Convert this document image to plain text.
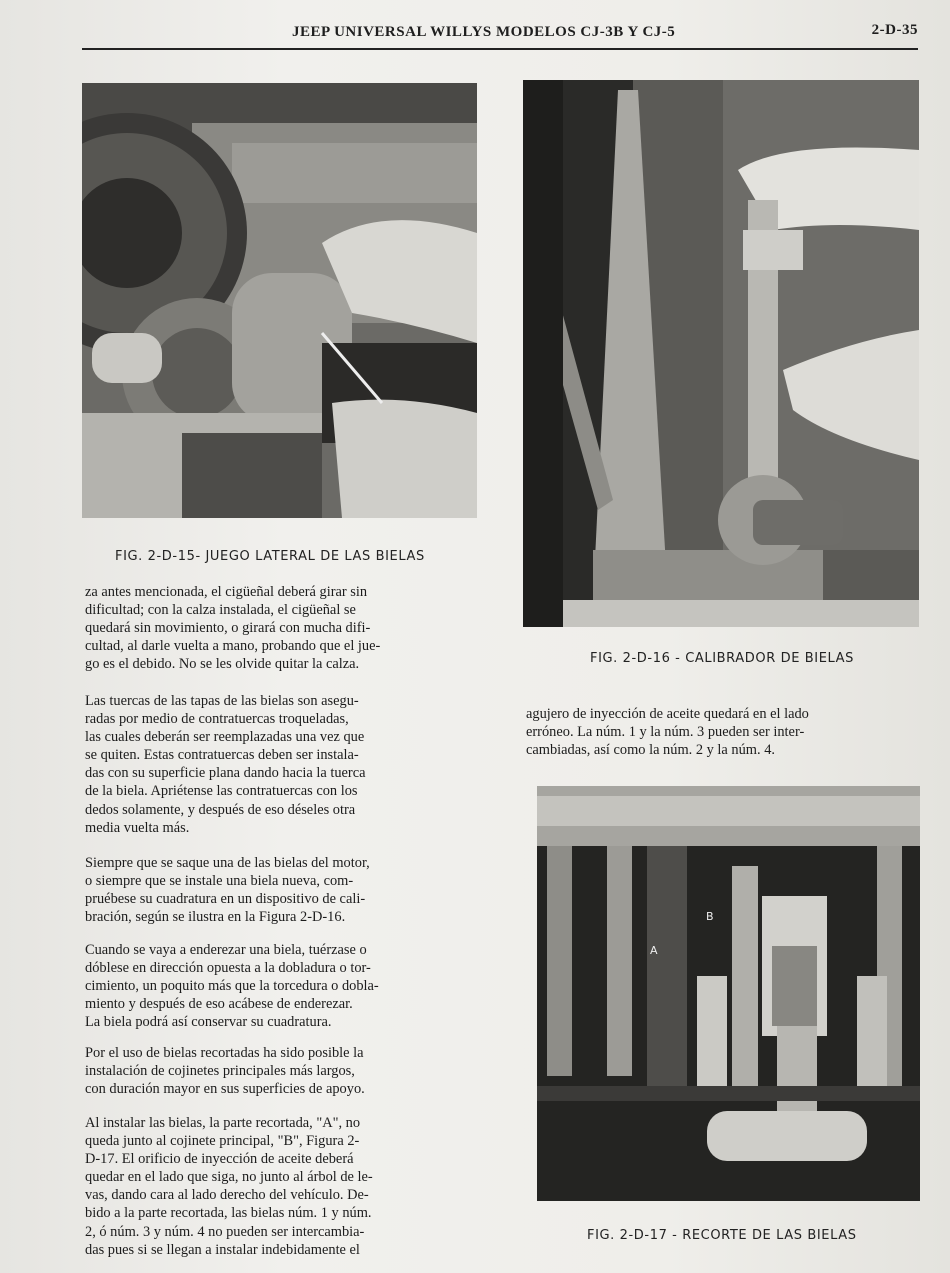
JEEP UNIVERSAL WILLYS MODELOS CJ-3B Y CJ-5	2-D-35
FIG. 2-D-15- JUEGO LATERAL DE LAS BIELAS
FIG. 2-D-16 - CALIBRADOR DE BIELAS
B
A
FIG. 2-D-17 - RECORTE DE LAS BIELAS
za antes mencionada, el cigüeñal deberá girar sin
dificultad; con la calza instalada, el cigüeñal se
quedará sin movimiento, o girará con mucha difi-
cultad, al darle vuelta a mano, probando que el jue-
go es el debido. No se les olvide quitar la calza.
Las tuercas de las tapas de las bielas son asegu-
radas por medio de contratuercas troqueladas,
las cuales deberán ser reemplazadas una vez que
se quiten. Estas contratuercas deben ser instala-
das con su superficie plana dando hacia la tuerca
de la biela. Apriétense las contratuercas con los
dedos solamente, y después de eso déseles otra
media vuelta más.
Siempre que se saque una de las bielas del motor,
o siempre que se instale una biela nueva, com-
pruébese su cuadratura en un dispositivo de cali-
bración, según se ilustra en la Figura 2-D-16.
Cuando se vaya a enderezar una biela, tuérzase o
dóblese en dirección opuesta a la dobladura o tor-
cimiento, un poquito más que la torcedura o dobla-
miento y después de eso acábese de enderezar.
La biela podrá así conservar su cuadratura.
Por el uso de bielas recortadas ha sido posible la
instalación de cojinetes principales más largos,
con duración mayor en sus superficies de apoyo.
Al instalar las bielas, la parte recortada, "A", no
queda junto al cojinete principal, "B", Figura 2-
D-17. El orificio de inyección de aceite deberá
quedar en el lado que siga, no junto al árbol de le-
vas, dando cara al lado derecho del vehículo. De-
bido a la parte recortada, las bielas núm. 1 y núm.
2, ó núm. 3 y núm. 4 no pueden ser intercambia-
das pues si se llegan a instalar indebidamente el
agujero de inyección de aceite quedará en el lado
erróneo. La núm. 1 y la núm. 3 pueden ser inter-
cambiadas, así como la núm. 2 y la núm. 4.
